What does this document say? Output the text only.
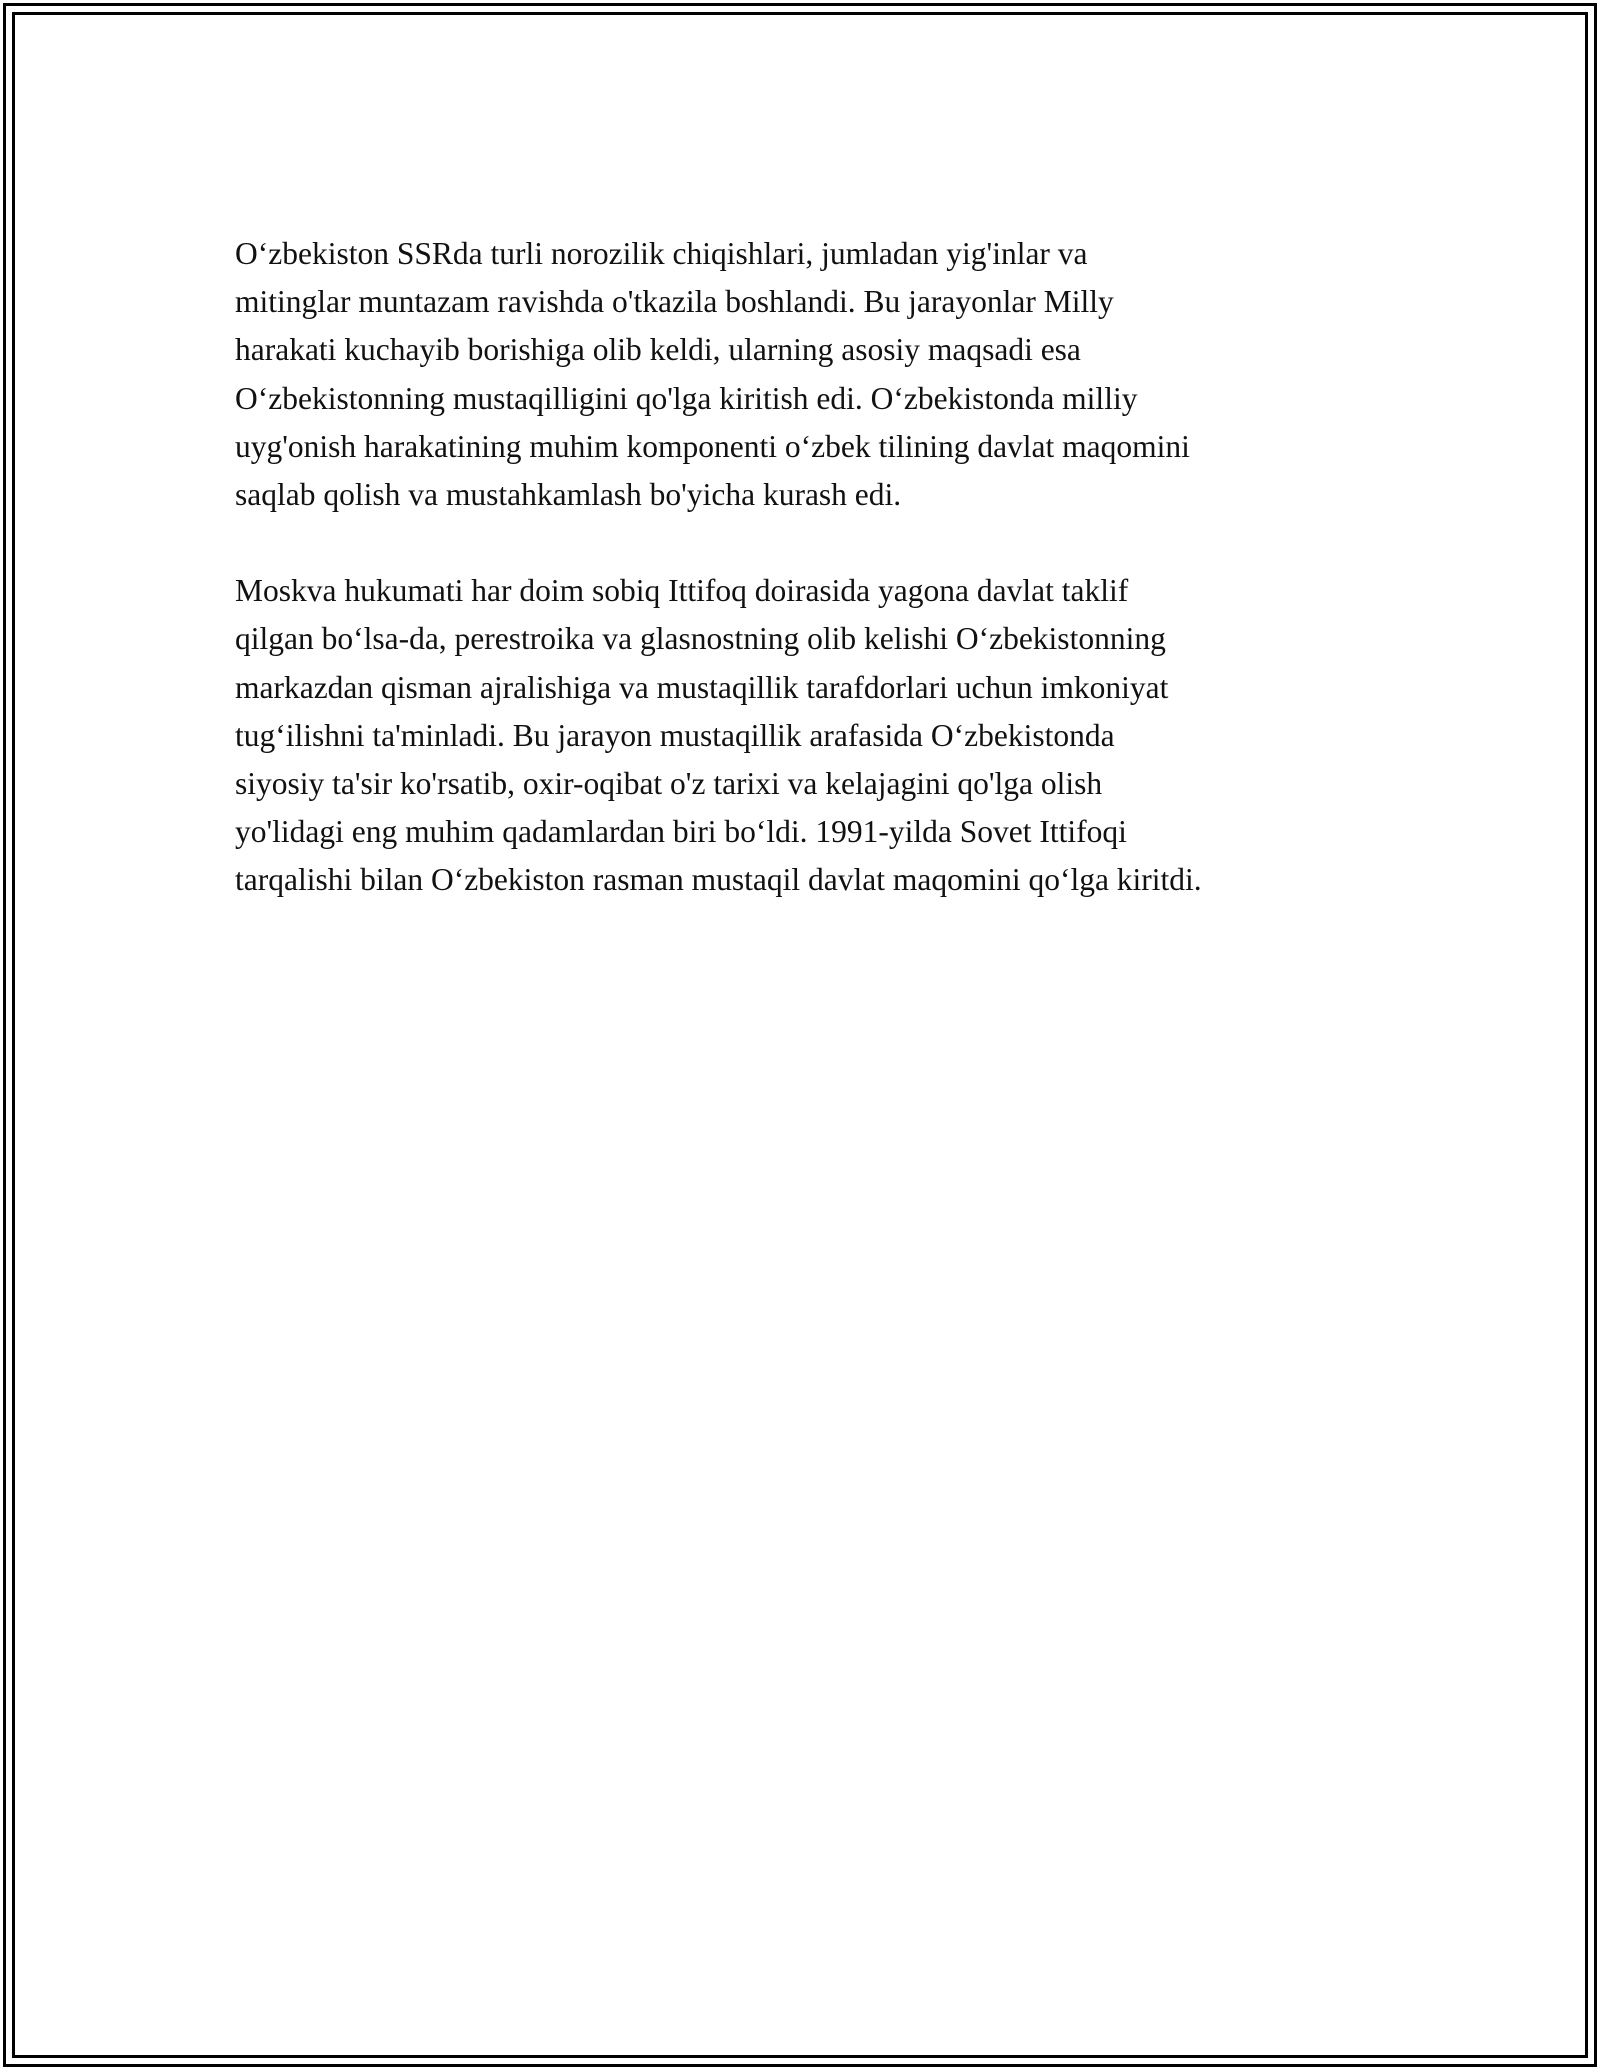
O‘zbekiston SSRda turli norozilik chiqishlari, jumladan yig'inlar va
mitinglar muntazam ravishda o'tkazila boshlandi. Bu jarayonlar Milly
harakati kuchayib borishiga olib keldi, ularning asosiy maqsadi esa
O‘zbekistonning mustaqilligini qo'lga kiritish edi. O‘zbekistonda milliy
uyg'onish harakatining muhim komponenti o‘zbek tilining davlat maqomini
saqlab qolish va mustahkamlash bo'yicha kurash edi.

Moskva hukumati har doim sobiq Ittifoq doirasida yagona davlat taklif
qilgan bo‘lsa-da, perestroika va glasnostning olib kelishi O‘zbekistonning
markazdan qisman ajralishiga va mustaqillik tarafdorlari uchun imkoniyat
tug‘ilishni ta'minladi. Bu jarayon mustaqillik arafasida O‘zbekistonda
siyosiy ta'sir ko'rsatib, oxir-oqibat o'z tarixi va kelajagini qo'lga olish
yo'lidagi eng muhim qadamlardan biri bo‘ldi. 1991-yilda Sovet Ittifoqi
tarqalishi bilan O‘zbekiston rasman mustaqil davlat maqomini qo‘lga kiritdi.
